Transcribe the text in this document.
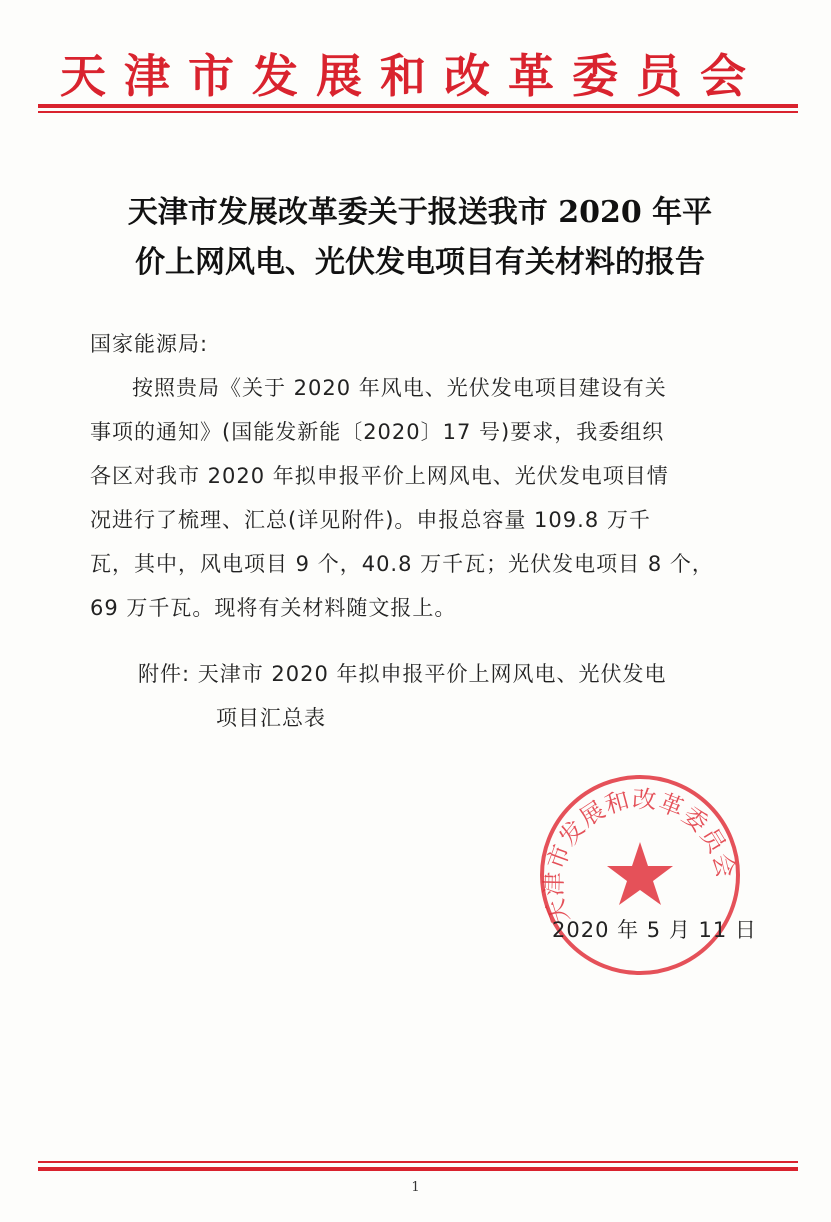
天津市发展和改革委员会
天津市发展改革委关于报送我市 2020 年平
价上网风电、光伏发电项目有关材料的报告
国家能源局:
按照贵局《关于 2020 年风电、光伏发电项目建设有关
事项的通知》(国能发新能〔2020〕17 号)要求，我委组织
各区对我市 2020 年拟申报平价上网风电、光伏发电项目情
况进行了梳理、汇总(详见附件)。申报总容量 109.8 万千
瓦，其中，风电项目 9 个，40.8 万千瓦；光伏发电项目 8 个，
69 万千瓦。现将有关材料随文报上。
附件: 天津市 2020 年拟申报平价上网风电、光伏发电
项目汇总表
天津市发展和改革委员会
2020 年 5 月 11 日
1
